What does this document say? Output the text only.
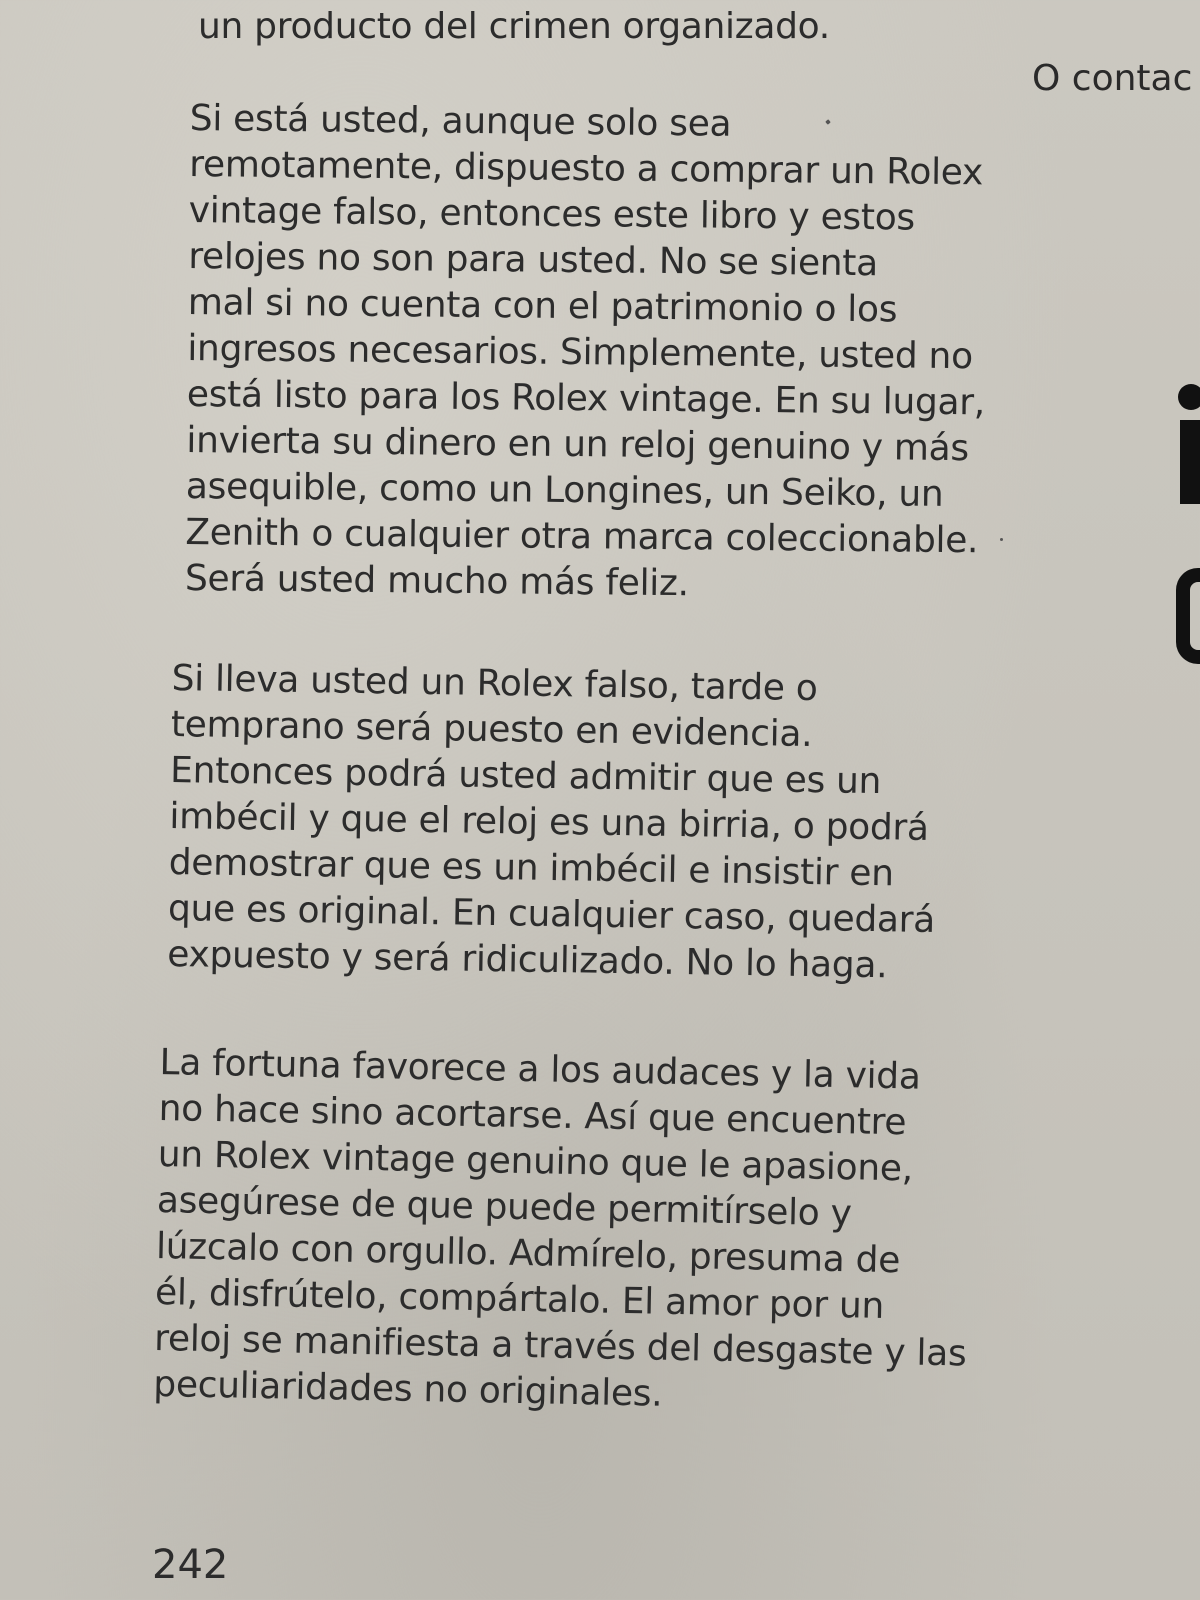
un producto del crimen organizado.
Si está usted, aunque solo sea
remotamente, dispuesto a comprar un Rolex
vintage falso, entonces este libro y estos
relojes no son para usted. No se sienta
mal si no cuenta con el patrimonio o los
ingresos necesarios. Simplemente, usted no
está listo para los Rolex vintage. En su lugar,
invierta su dinero en un reloj genuino y más
asequible, como un Longines, un Seiko, un
Zenith o cualquier otra marca coleccionable.
Será usted mucho más feliz.
Si lleva usted un Rolex falso, tarde o
temprano será puesto en evidencia.
Entonces podrá usted admitir que es un
imbécil y que el reloj es una birria, o podrá
demostrar que es un imbécil e insistir en
que es original. En cualquier caso, quedará
expuesto y será ridiculizado. No lo haga.
La fortuna favorece a los audaces y la vida
no hace sino acortarse. Así que encuentre
un Rolex vintage genuino que le apasione,
asegúrese de que puede permitírselo y
lúzcalo con orgullo. Admírelo, presuma de
él, disfrútelo, compártalo. El amor por un
reloj se manifiesta a través del desgaste y las
peculiaridades no originales.
242
O contac
